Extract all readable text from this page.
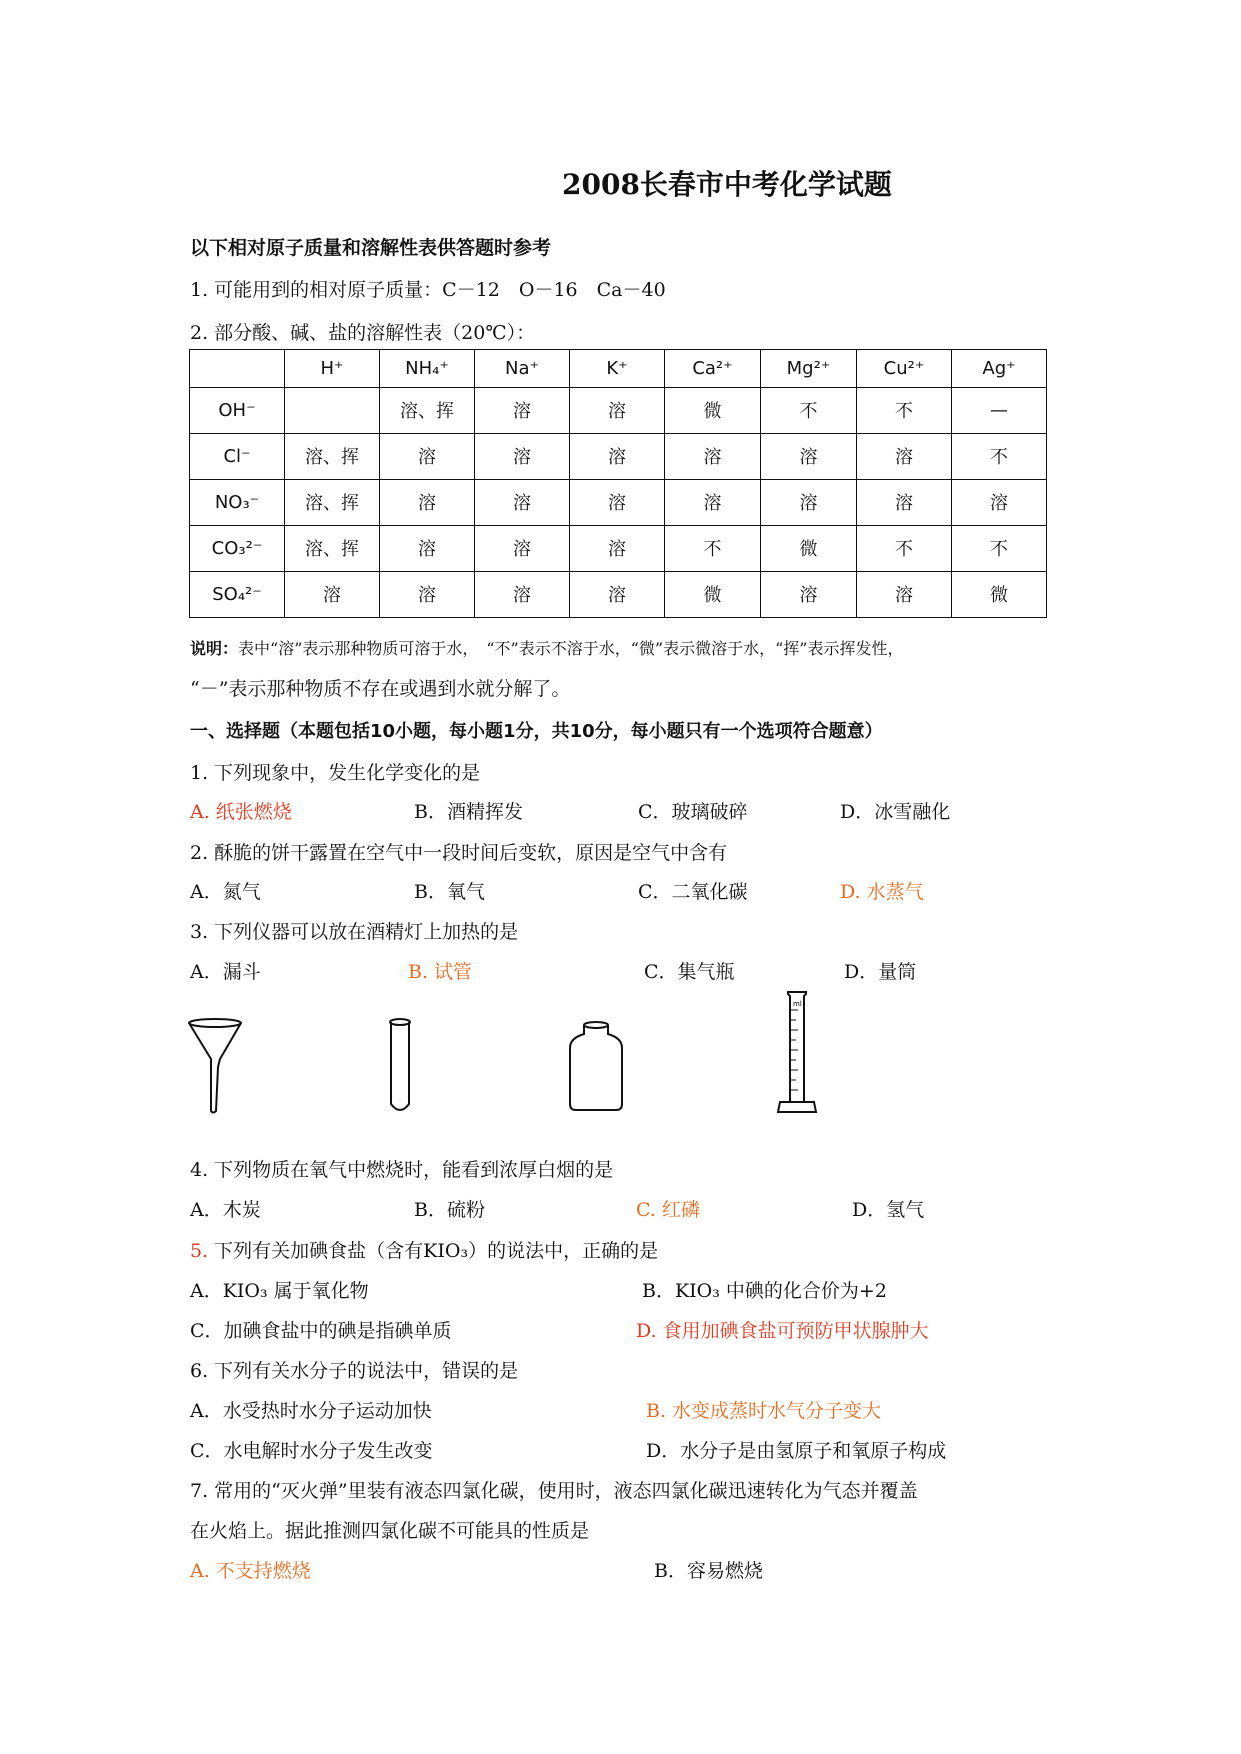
2008长春市中考化学试题
以下相对原子质量和溶解性表供答题时参考
1. 可能用到的相对原子质量：C－12　O－16　Ca－40
2. 部分酸、碱、盐的溶解性表（20℃）：
	H⁺	NH₄⁺	Na⁺	K⁺	Ca²⁺	Mg²⁺	Cu²⁺	Ag⁺
OH⁻		溶、挥	溶	溶	微	不	不	—
Cl⁻	溶、挥	溶	溶	溶	溶	溶	溶	不
NO₃⁻	溶、挥	溶	溶	溶	溶	溶	溶	溶
CO₃²⁻	溶、挥	溶	溶	溶	不	微	不	不
SO₄²⁻	溶	溶	溶	溶	微	溶	溶	微
说明：表中“溶”表示那种物质可溶于水，　“不”表示不溶于水，“微”表示微溶于水，“挥”表示挥发性，
“－”表示那种物质不存在或遇到水就分解了。
一、选择题（本题包括10小题，每小题1分，共10分，每小题只有一个选项符合题意）
1. 下列现象中，发生化学变化的是
A. 纸张燃烧	B．酒精挥发	C．玻璃破碎	D．冰雪融化
2. 酥脆的饼干露置在空气中一段时间后变软，原因是空气中含有
A．氮气	B．氧气	C．二氧化碳	D. 水蒸气
3. 下列仪器可以放在酒精灯上加热的是
A．漏斗	B. 试管	C．集气瓶	D．量筒
ml
4. 下列物质在氧气中燃烧时，能看到浓厚白烟的是
A．木炭	B．硫粉	C. 红磷	D．氢气
5. 下列有关加碘食盐（含有KIO₃）的说法中，正确的是
A．KIO₃ 属于氧化物	B．KIO₃ 中碘的化合价为+2
C．加碘食盐中的碘是指碘单质	D. 食用加碘食盐可预防甲状腺肿大
6. 下列有关水分子的说法中，错误的是
A．水受热时水分子运动加快	B. 水变成蒸时水气分子变大
C．水电解时水分子发生改变	D．水分子是由氢原子和氧原子构成
7. 常用的“灭火弹”里装有液态四氯化碳，使用时，液态四氯化碳迅速转化为气态并覆盖
在火焰上。据此推测四氯化碳不可能具的性质是
A. 不支持燃烧	B．容易燃烧
